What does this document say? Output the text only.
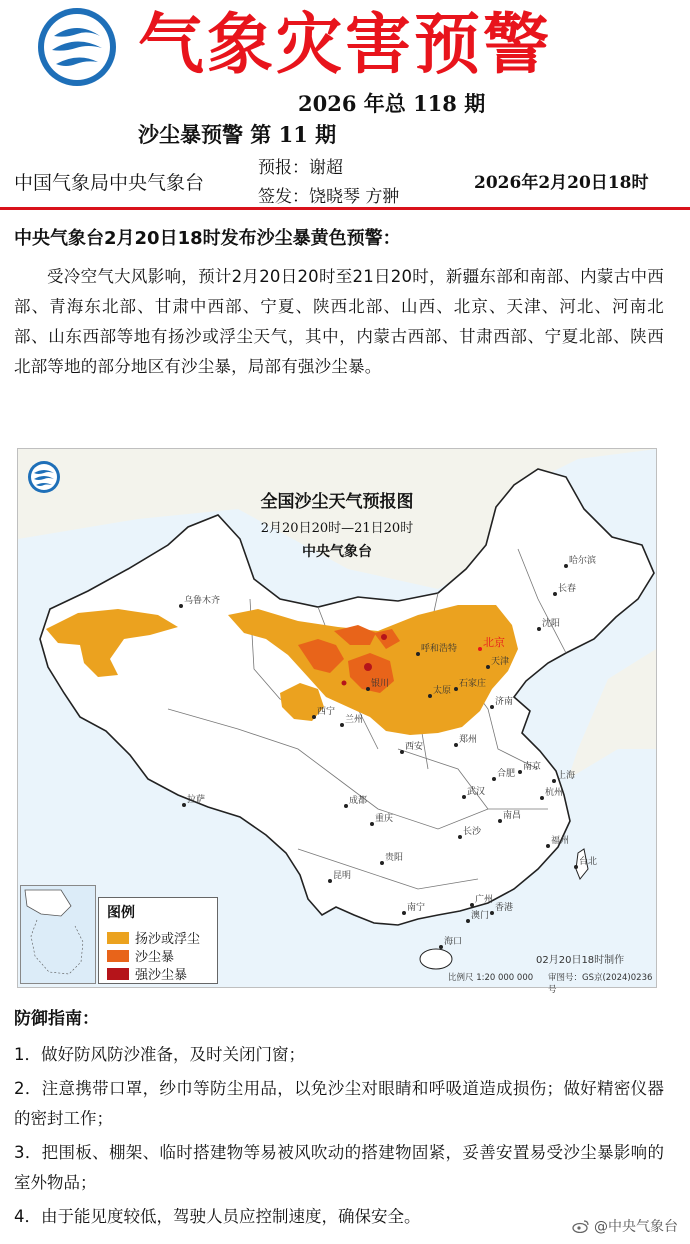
气象灾害预警
2026 年总 118 期
沙尘暴预警 第 11 期
中国气象局中央气象台
预报：谢超
签发：饶晓琴 方翀
2026年2月20日18时
中央气象台2月20日18时发布沙尘暴黄色预警：
受冷空气大风影响，预计2月20日20时至21日20时，新疆东部和南部、内蒙古中西部、青海东北部、甘肃中西部、宁夏、陕西北部、山西、北京、天津、河北、河南北部、山东西部等地有扬沙或浮尘天气，其中，内蒙古西部、甘肃西部、宁夏北部、陕西北部等地的部分地区有沙尘暴，局部有强沙尘暴。
乌鲁木齐
哈尔滨
长春
沈阳
呼和浩特 北京
天津
石家庄
太原
银川
兰州
西宁
济南
郑州
西安
合肥
南京
上海
武汉	杭州
拉萨	成都
重庆	南昌
长沙
福州
贵阳	台北
昆明
广州
香港
澳门
南宁
海口
全国沙尘天气预报图
2月20日20时—21日20时
中央气象台
图例
扬沙或浮尘
沙尘暴
强沙尘暴
02月20日18时制作
比例尺 1:20 000 000 审图号：GS京(2024)0236号
防御指南：
1．做好防风防沙准备，及时关闭门窗；
2．注意携带口罩，纱巾等防尘用品，以免沙尘对眼睛和呼吸道造成损伤；做好精密仪器的密封工作；
3．把围板、棚架、临时搭建物等易被风吹动的搭建物固紧，妥善安置易受沙尘暴影响的室外物品；
4．由于能见度较低，驾驶人员应控制速度，确保安全。
@中央气象台
